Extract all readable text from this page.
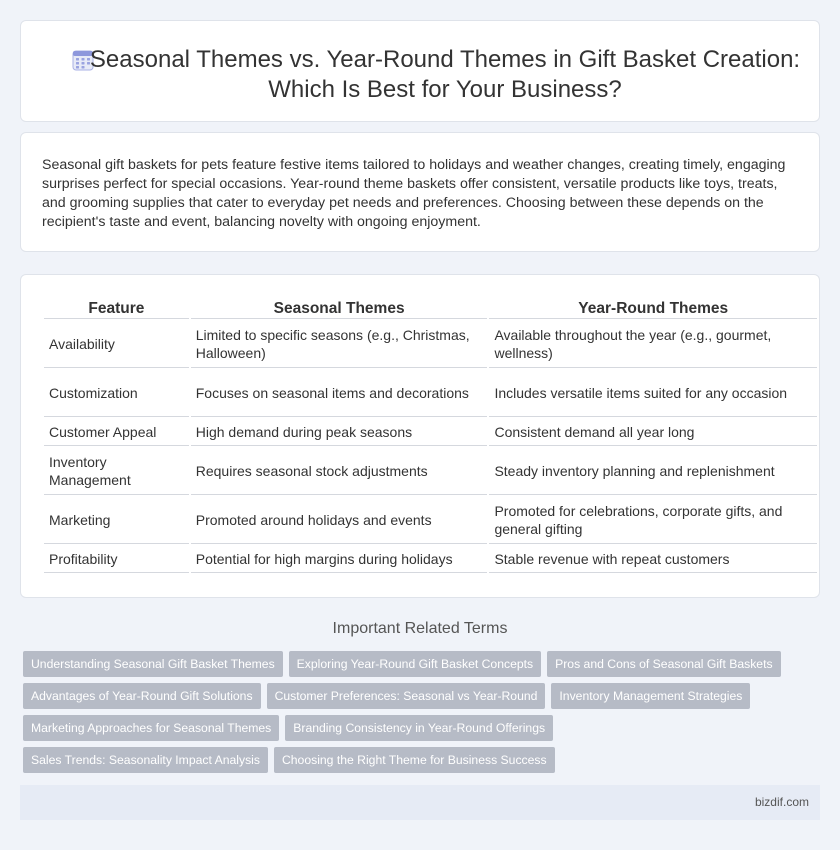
Seasonal Themes vs. Year-Round Themes in Gift Basket Creation:
Which Is Best for Your Business?

Seasonal gift baskets for pets feature festive items tailored to holidays and weather changes, creating timely, engaging surprises perfect for special occasions. Year-round theme baskets offer consistent, versatile products like toys, treats, and grooming supplies that cater to everyday pet needs and preferences. Choosing between these depends on the recipient's taste and event, balancing novelty with ongoing enjoyment.

Feature	Seasonal Themes	Year-Round Themes
Availability	Limited to specific seasons (e.g., Christmas, Halloween)	Available throughout the year (e.g., gourmet, wellness)
Customization	Focuses on seasonal items and decorations	Includes versatile items suited for any occasion
Customer Appeal	High demand during peak seasons	Consistent demand all year long
Inventory Management	Requires seasonal stock adjustments	Steady inventory planning and replenishment
Marketing	Promoted around holidays and events	Promoted for celebrations, corporate gifts, and general gifting
Profitability	Potential for high margins during holidays	Stable revenue with repeat customers
Important Related Terms
Understanding Seasonal Gift Basket Themes	Exploring Year-Round Gift Basket Concepts	Pros and Cons of Seasonal Gift Baskets
Advantages of Year-Round Gift Solutions	Customer Preferences: Seasonal vs Year-Round	Inventory Management Strategies
Marketing Approaches for Seasonal Themes	Branding Consistency in Year-Round Offerings
Sales Trends: Seasonality Impact Analysis	Choosing the Right Theme for Business Success
bizdif.com
